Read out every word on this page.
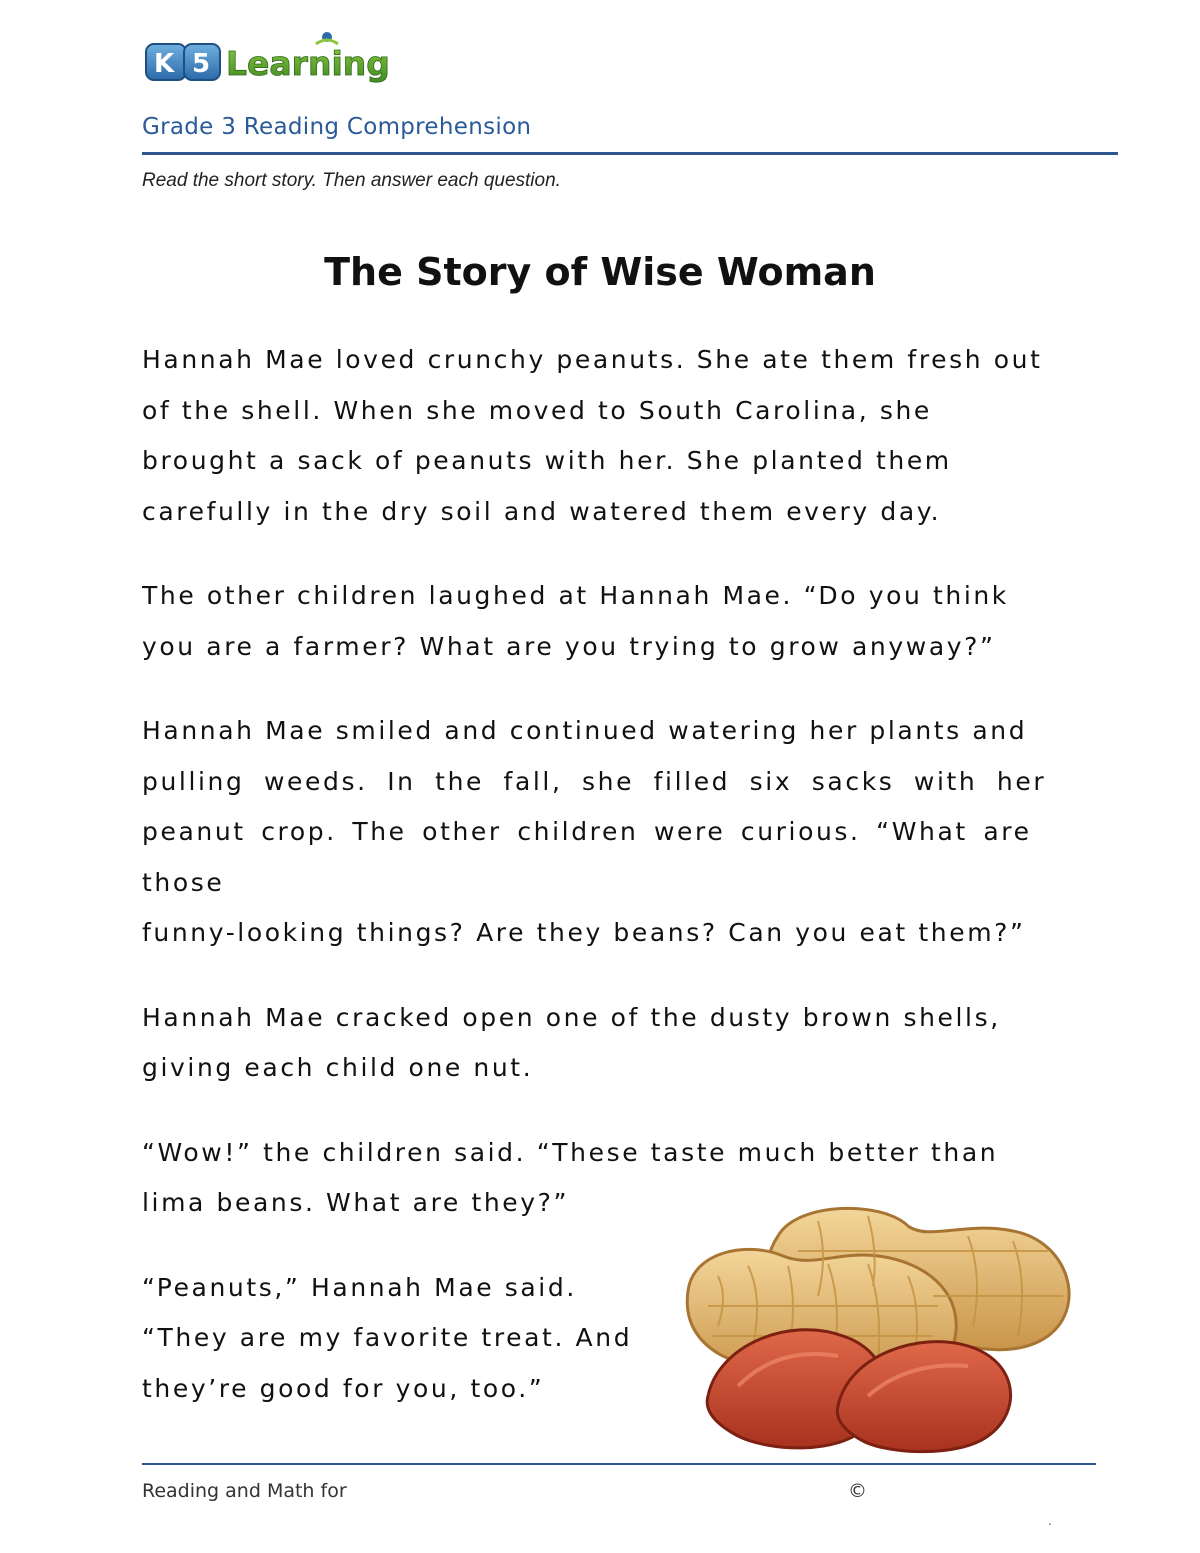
K 5 Learning
Grade 3 Reading Comprehension
Read the short story. Then answer each question.
The Story of Wise Woman

Hannah Mae loved crunchy peanuts. She ate them fresh out
of the shell. When she moved to South Carolina, she
brought a sack of peanuts with her. She planted them
carefully in the dry soil and watered them every day.

The other children laughed at Hannah Mae. “Do you think
you are a farmer? What are you trying to grow anyway?”

Hannah Mae smiled and continued watering her plants and
pulling weeds. In the fall, she filled six sacks with her
peanut crop. The other children were curious. “What are
those
funny-looking things? Are they beans? Can you eat them?”

Hannah Mae cracked open one of the dusty brown shells,
giving each child one nut.

“Wow!” the children said. “These taste much better than
lima beans. What are they?”

“Peanuts,” Hannah Mae said.
“They are my favorite treat. And
they’re good for you, too.”

Reading and Math for	©
.
